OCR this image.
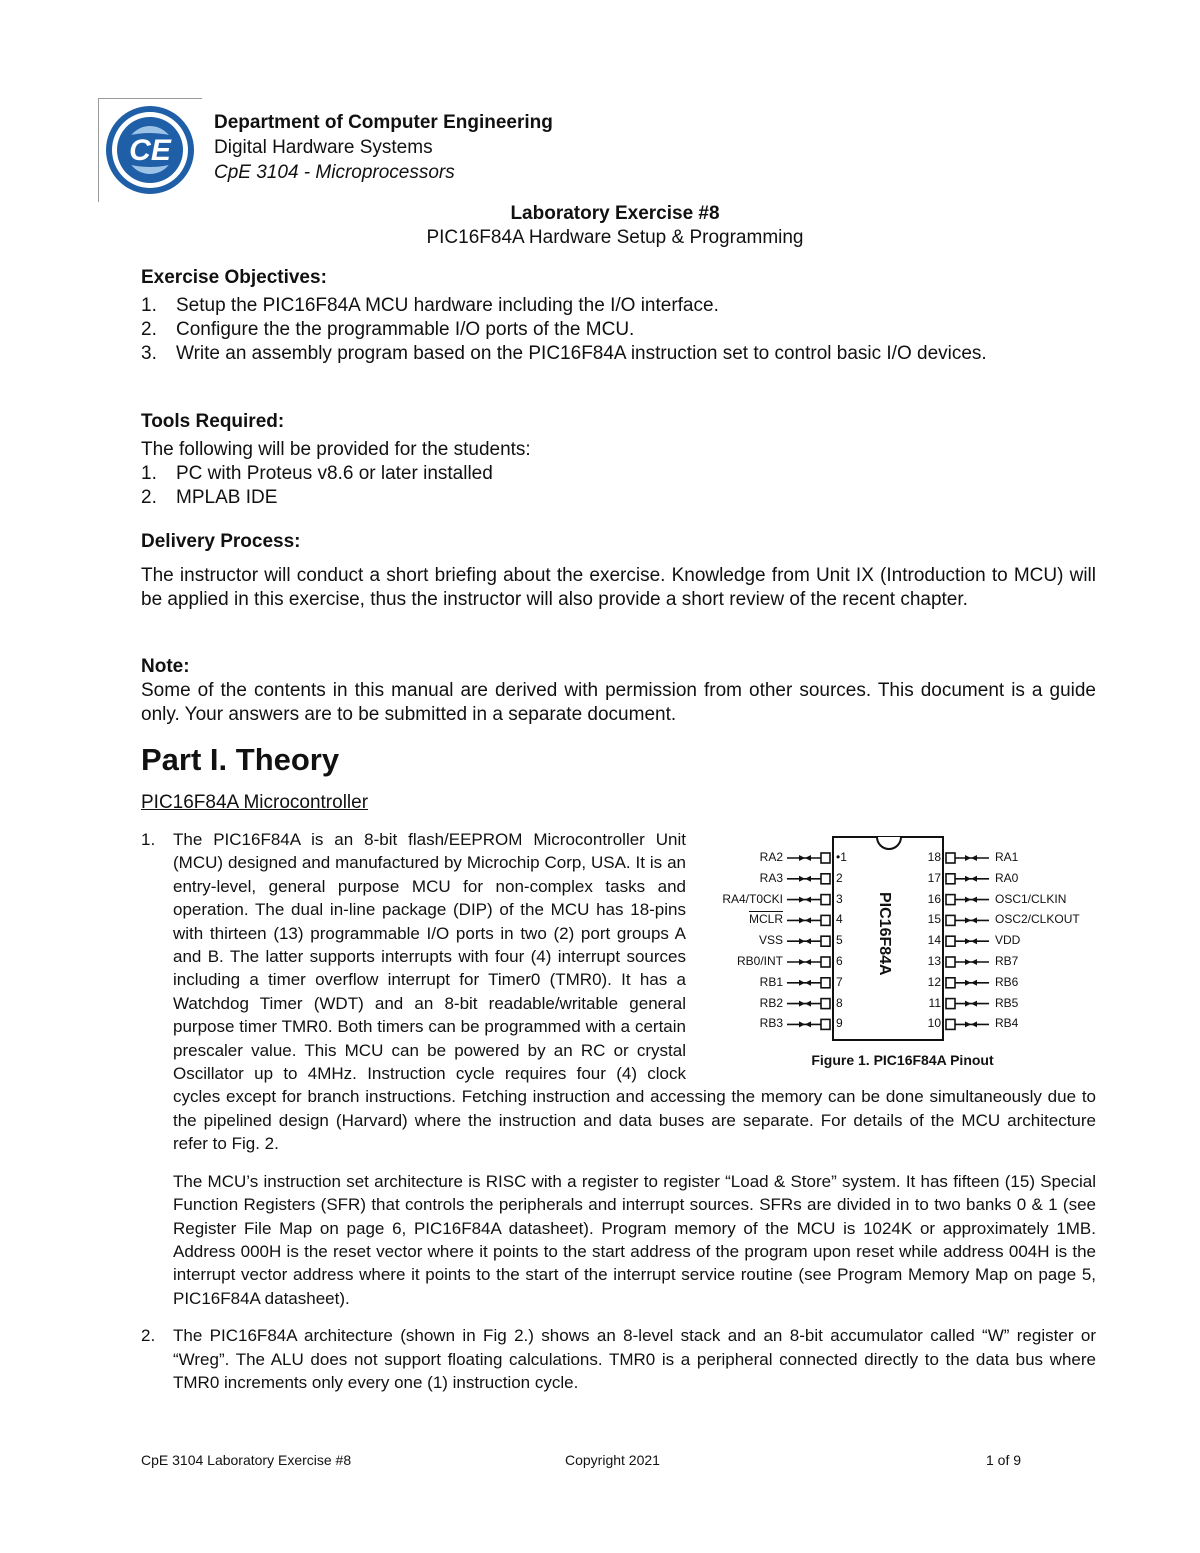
CE
Department of Computer Engineering
Digital Hardware Systems
CpE 3104 - Microprocessors
Laboratory Exercise #8
PIC16F84A Hardware Setup & Programming
Exercise Objectives:
1. Setup the PIC16F84A MCU hardware including the I/O interface.
2. Configure the the programmable I/O ports of the MCU.
3. Write an assembly program based on the PIC16F84A instruction set to control basic I/O devices.
Tools Required:
The following will be provided for the students:
1. PC with Proteus v8.6 or later installed
2. MPLAB IDE
Delivery Process:
The instructor will conduct a short briefing about the exercise. Knowledge from Unit IX (Introduction to MCU) will be applied in this exercise, thus the instructor will also provide a short review of the recent chapter.
Note:
Some of the contents in this manual are derived with permission from other sources. This document is a guide only. Your answers are to be submitted in a separate document.
Part I. Theory
PIC16F84A Microcontroller
1. The PIC16F84A is an 8-bit flash/EEPROM Microcontroller Unit (MCU) designed and manufactured by Microchip Corp, USA. It is an entry-level, general purpose MCU for non-complex tasks and operation. The dual in-line package (DIP) of the MCU has 18-pins with thirteen (13) programmable I/O ports in two (2) port groups A and B. The latter supports interrupts with four (4) interrupt sources including a timer overflow interrupt for Timer0 (TMR0). It has a Watchdog Timer (WDT) and an 8-bit readable/writable general purpose timer TMR0. Both timers can be programmed with a certain prescaler value. This MCU can be powered by an RC or crystal Oscillator up to 4MHz. Instruction cycle requires four (4) clock cycles except for branch instructions. Fetching instruction and accessing the memory can be done simultaneously due to the pipelined design (Harvard) where the instruction and data buses are separate. For details of the MCU architecture refer to Fig. 2.
The MCU’s instruction set architecture is RISC with a register to register “Load & Store” system. It has fifteen (15) Special Function Registers (SFR) that controls the peripherals and interrupt sources. SFRs are divided in to two banks 0 & 1 (see Register File Map on page 6, PIC16F84A datasheet). Program memory of the MCU is 1024K or approximately 1MB. Address 000H is the reset vector where it points to the start address of the program upon reset while address 004H is the interrupt vector address where it points to the start of the interrupt service routine (see Program Memory Map on page 5, PIC16F84A datasheet).
2. The PIC16F84A architecture (shown in Fig 2.) shows an 8-level stack and an 8-bit accumulator called “W” register or “Wreg”. The ALU does not support floating calculations. TMR0 is a peripheral connected directly to the data bus where TMR0 increments only every one (1) instruction cycle.
RA2	•1
RA3	2
RA4/T0CKI	3
MCLR	4
VSS	5
RB0/INT	6
RB1	7
RB2	8
RB3	9
RA1
18
RA0
17
OSC1/CLKIN
16
OSC2/CLKOUT
15
VDD
14
RB7
13
RB6
12
RB5
11
RB4
10
PIC16F84A
Figure 1. PIC16F84A Pinout
CpE 3104 Laboratory Exercise #8	Copyright 2021	1 of 9
